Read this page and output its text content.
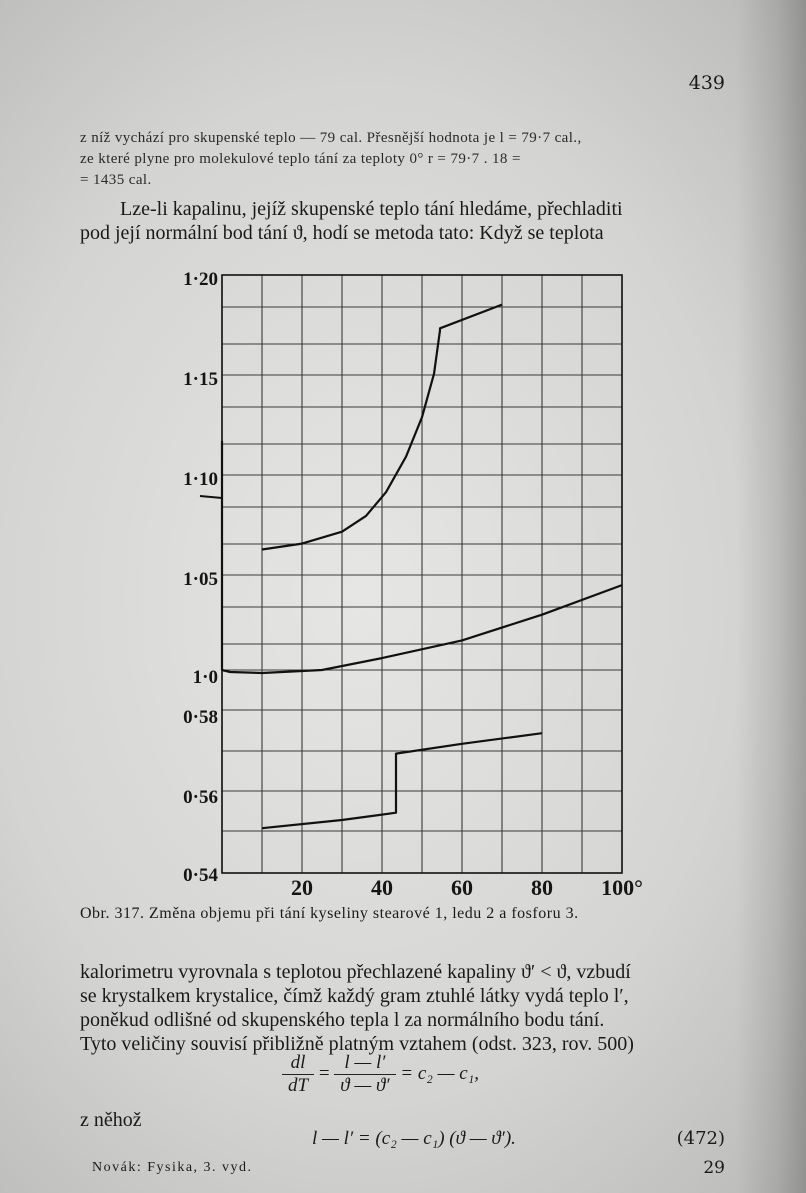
439
z níž vychází pro skupenské teplo — 79 cal. Přesnější hodnota je l = 79·7 cal.,
ze které plyne pro molekulové teplo tání za teploty 0° r = 79·7 . 18 =
= 1435 cal.
Lze-li kapalinu, jejíž skupenské teplo tání hledáme, přechladiti
pod její normální bod tání ϑ, hodí se metoda tato: Když se teplota
1·20
1·15
1·10
1·05
1·0
0·58
0·56
0·54	20	40	60	80 100°
Obr. 317. Změna objemu při tání kyseliny stearové 1, ledu 2 a fosforu 3.
kalorimetru vyrovnala s teplotou přechlazené kapaliny ϑ′ < ϑ, vzbudí
se krystalkem krystalice, čímž každý gram ztuhlé látky vydá teplo l′,
poněkud odlišné od skupenského tepla l za normálního bodu tání.
Tyto veličiny souvisí přibližně platným vztahem (odst. 323, rov. 500)
$\frac{dl}{dT} = \frac{l — l'}{ϑ — ϑ'} = c_2$ — c₁,
z něhož
l — l′ = (c₂ — c₁) (ϑ — ϑ′).	(472)
Novák: Fysika, 3. vyd.	29
